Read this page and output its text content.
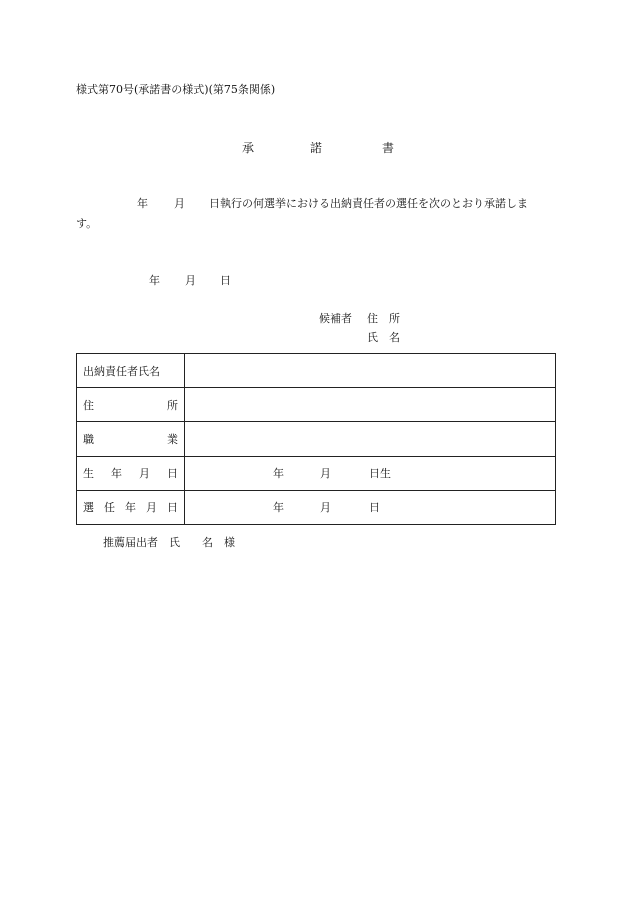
様式第70号(承諾書の様式)(第75条関係)
承	諾	書
年 月 日執行の何選挙における出納責任者の選任を次のとおり承諾しま
す。
年 月 日
候補者 住　所
氏　名
出納責任者氏名	

住 所	

職 業	

生 年 月 日	年 月 日生

選 任 年 月 日	年 月 日
推薦届出者　氏　　名　様
